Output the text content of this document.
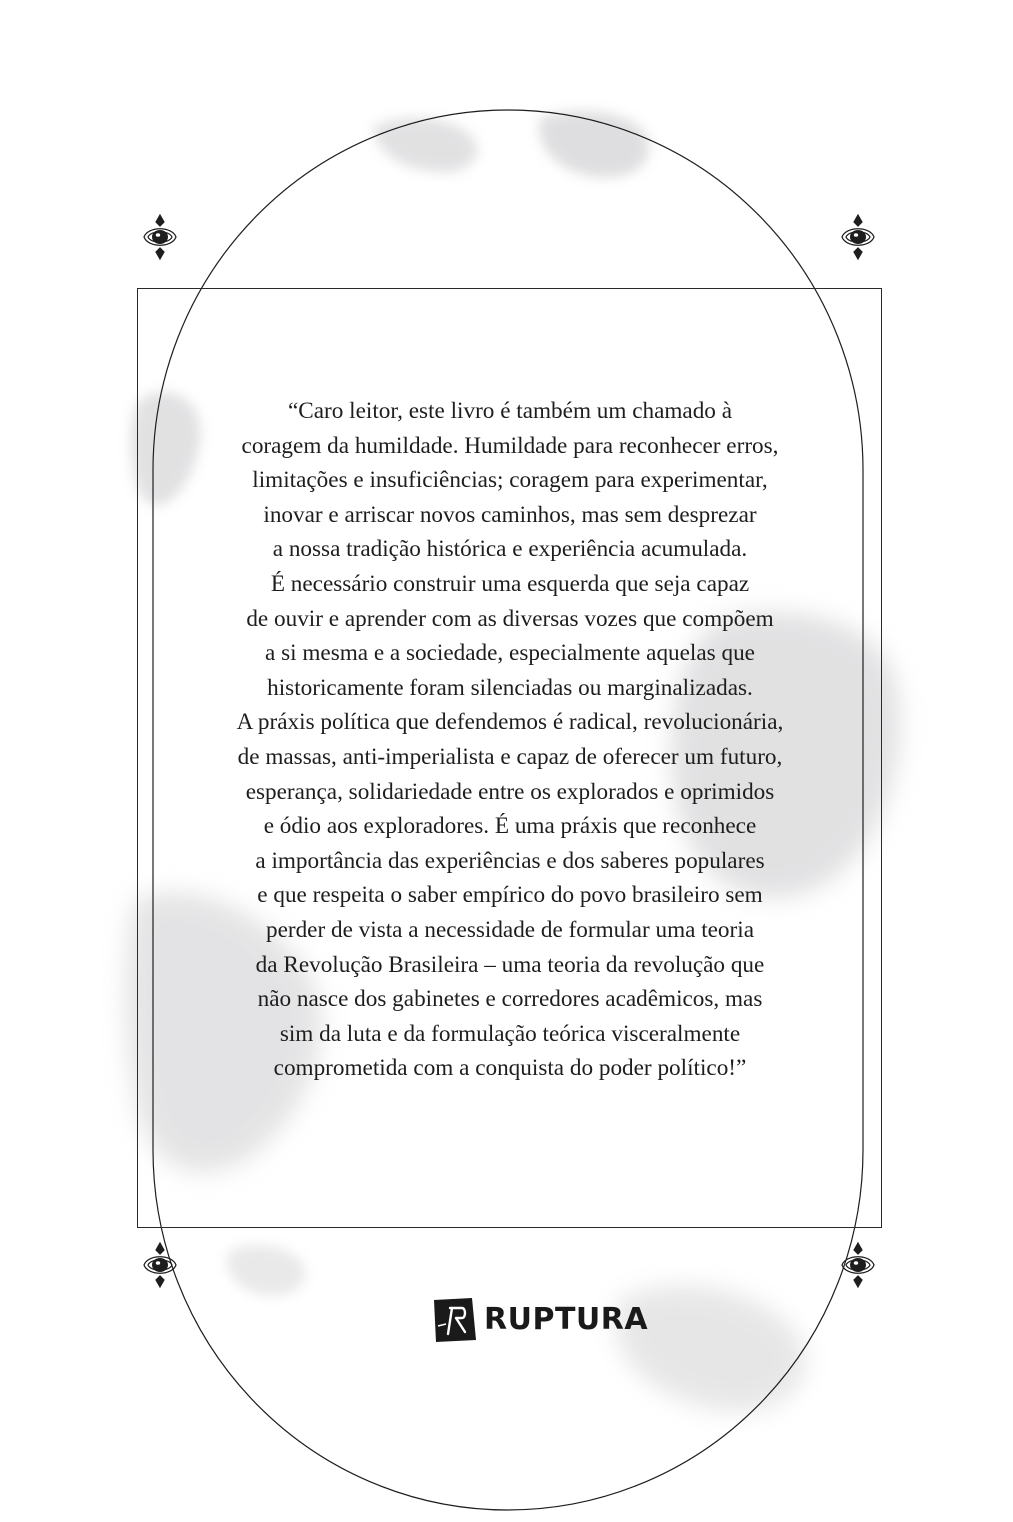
“Caro leitor, este livro é também um chamado à
coragem da humildade. Humildade para reconhecer erros,
limitações e insuficiências; coragem para experimentar,
inovar e arriscar novos caminhos, mas sem desprezar
a nossa tradição histórica e experiência acumulada.
É necessário construir uma esquerda que seja capaz
de ouvir e aprender com as diversas vozes que compõem
a si mesma e a sociedade, especialmente aquelas que
historicamente foram silenciadas ou marginalizadas.
A práxis política que defendemos é radical, revolucionária,
de massas, anti-imperialista e capaz de oferecer um futuro,
esperança, solidariedade entre os explorados e oprimidos
e ódio aos exploradores. É uma práxis que reconhece
a importância das experiências e dos saberes populares
e que respeita o saber empírico do povo brasileiro sem
perder de vista a necessidade de formular uma teoria
da Revolução Brasileira – uma teoria da revolução que
não nasce dos gabinetes e corredores acadêmicos, mas
sim da luta e da formulação teórica visceralmente
comprometida com a conquista do poder político!”

RUPTURA
